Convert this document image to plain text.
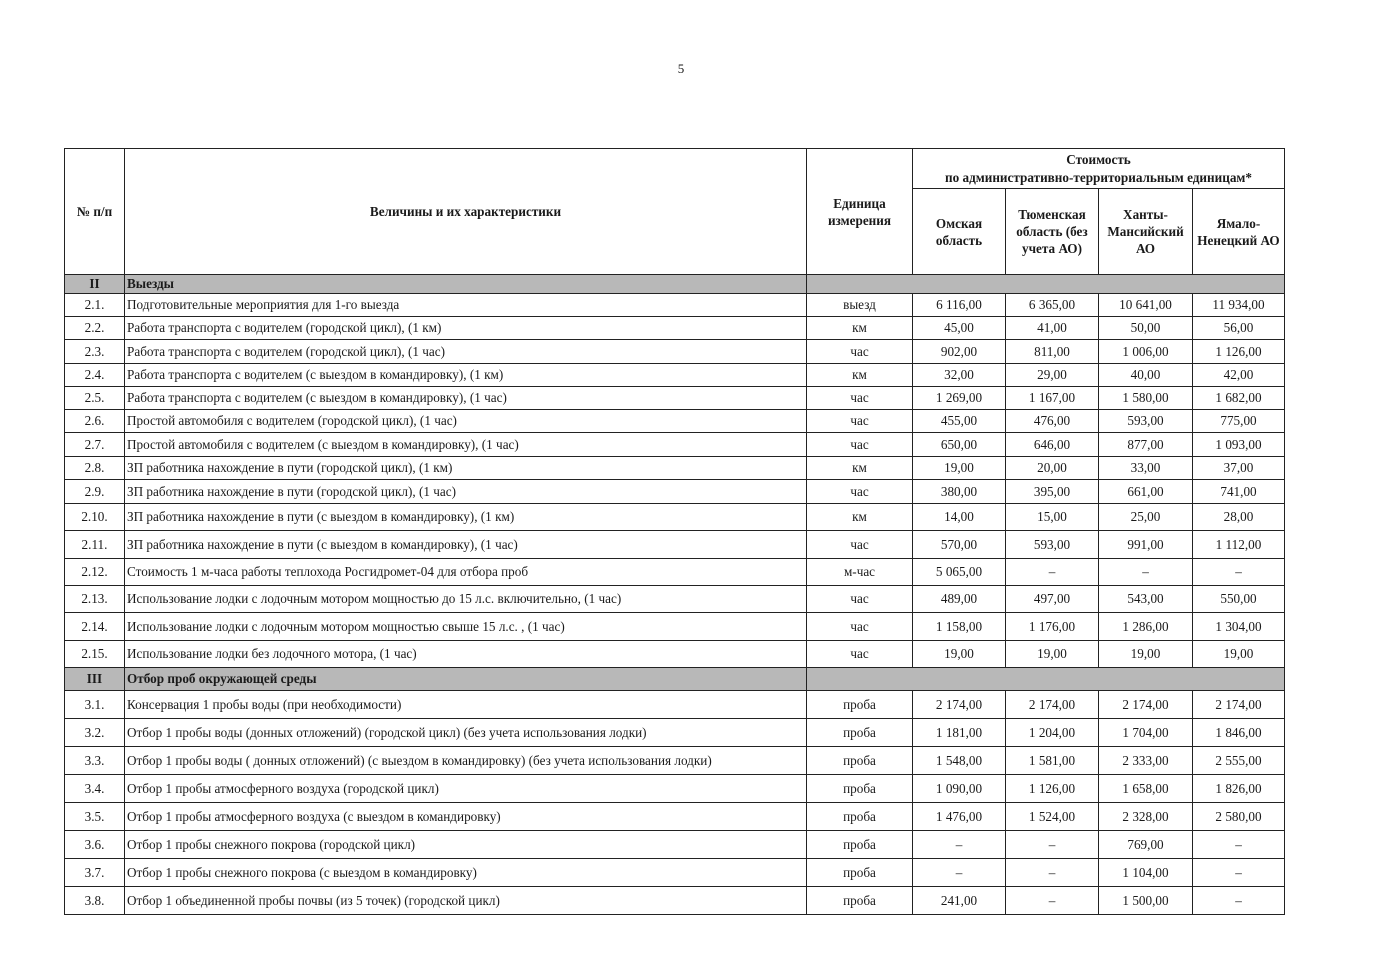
5
№ п/п	Величины и их характеристики	Единица измерения	Стоимость
по административно-территориальным единицам*			

			Омская область	Тюменская область (без учета АО)	Ханты-Мансийский АО	Ямало-Ненецкий АО
II	Выезды					
2.1.	Подготовительные мероприятия для 1-го выезда	выезд	6 116,00	6 365,00	10 641,00	11 934,00
2.2.	Работа транспорта с водителем (городской цикл), (1 км)	км	45,00	41,00	50,00	56,00
2.3.	Работа транспорта с водителем (городской цикл), (1 час)	час	902,00	811,00	1 006,00	1 126,00
2.4.	Работа транспорта с водителем (с выездом в командировку), (1 км)	км	32,00	29,00	40,00	42,00
2.5.	Работа транспорта с водителем (с выездом в командировку), (1 час)	час	1 269,00	1 167,00	1 580,00	1 682,00
2.6.	Простой автомобиля с водителем (городской цикл), (1 час)	час	455,00	476,00	593,00	775,00
2.7.	Простой автомобиля с водителем (с выездом в командировку), (1 час)	час	650,00	646,00	877,00	1 093,00
2.8.	ЗП работника нахождение в пути (городской цикл), (1 км)	км	19,00	20,00	33,00	37,00
2.9.	ЗП работника нахождение в пути (городской цикл), (1 час)	час	380,00	395,00	661,00	741,00
2.10.	ЗП работника нахождение в пути (с выездом в командировку), (1 км)	км	14,00	15,00	25,00	28,00
2.11.	ЗП работника нахождение в пути (с выездом в командировку), (1 час)	час	570,00	593,00	991,00	1 112,00
2.12.	Стоимость 1 м-часа работы теплохода Росгидромет-04 для отбора проб	м-час	5 065,00	–	–	–
2.13.	Использование лодки с лодочным мотором мощностью до 15 л.с. включительно, (1 час)	час	489,00	497,00	543,00	550,00
2.14.	Использование лодки с лодочным мотором мощностью свыше 15 л.с. , (1 час)	час	1 158,00	1 176,00	1 286,00	1 304,00
2.15.	Использование лодки без лодочного мотора, (1 час)	час	19,00	19,00	19,00	19,00
III	Отбор проб окружающей среды					
3.1.	Консервация 1 пробы воды (при необходимости)	проба	2 174,00	2 174,00	2 174,00	2 174,00
3.2.	Отбор 1 пробы воды (донных отложений) (городской цикл) (без учета использования лодки)	проба	1 181,00	1 204,00	1 704,00	1 846,00
3.3.	Отбор 1 пробы воды ( донных отложений) (с выездом в командировку) (без учета использования лодки)	проба	1 548,00	1 581,00	2 333,00	2 555,00
3.4.	Отбор 1 пробы атмосферного воздуха (городской цикл)	проба	1 090,00	1 126,00	1 658,00	1 826,00
3.5.	Отбор 1 пробы атмосферного воздуха (с выездом в командировку)	проба	1 476,00	1 524,00	2 328,00	2 580,00
3.6.	Отбор 1 пробы снежного покрова (городской цикл)	проба	–	–	769,00	–
3.7.	Отбор 1 пробы снежного покрова (с выездом в командировку)	проба	–	–	1 104,00	–
3.8.	Отбор 1 объединенной пробы почвы (из 5 точек) (городской цикл)	проба	241,00	–	1 500,00	–
